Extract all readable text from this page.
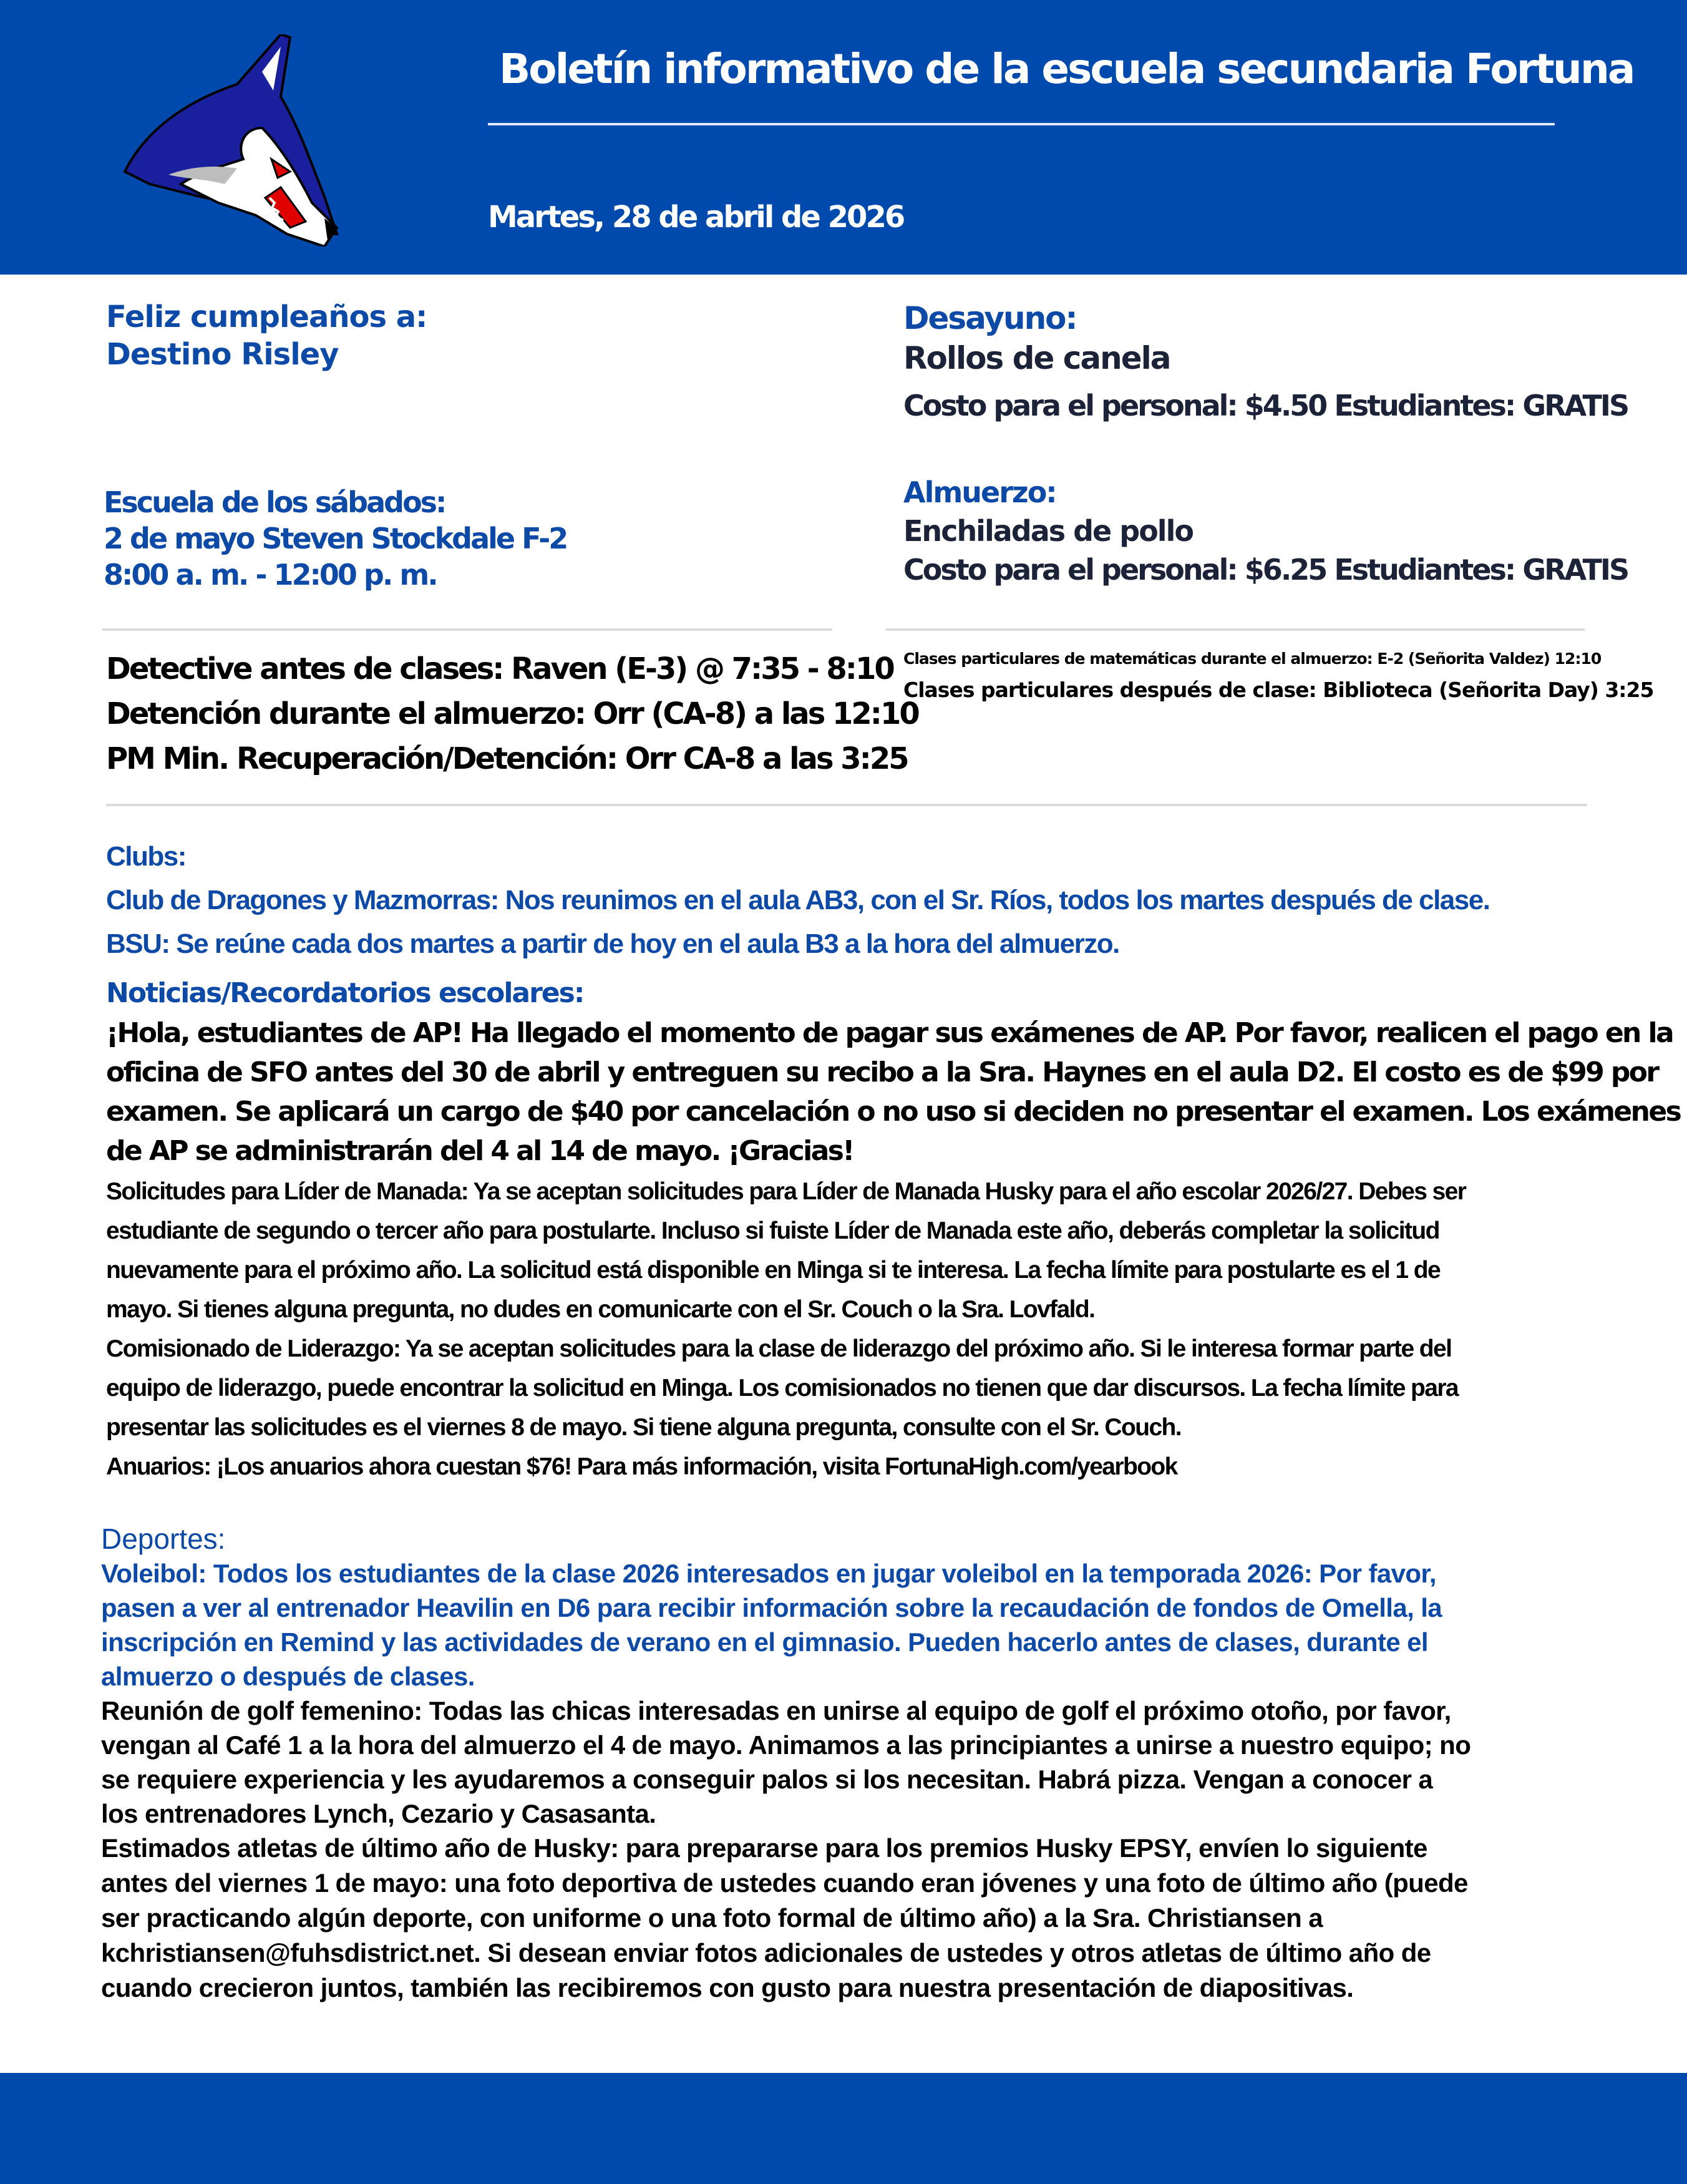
Boletín informativo de la escuela secundaria Fortuna
Martes, 28 de abril de 2026
Feliz cumpleaños a:
Destino Risley
Escuela de los sábados:
2 de mayo Steven Stockdale F-2
8:00 a. m. - 12:00 p. m.
Desayuno:
Rollos de canela
Costo para el personal: $4.50 Estudiantes: GRATIS
Almuerzo:
Enchiladas de pollo
Costo para el personal: $6.25 Estudiantes: GRATIS
Detective antes de clases: Raven (E-3) @ 7:35 - 8:10
Detención durante el almuerzo: Orr (CA-8) a las 12:10
PM Min. Recuperación/Detención: Orr CA-8 a las 3:25
Clases particulares de matemáticas durante el almuerzo: E-2 (Señorita Valdez) 12:10
Clases particulares después de clase: Biblioteca (Señorita Day) 3:25
Clubs:
Club de Dragones y Mazmorras: Nos reunimos en el aula AB3, con el Sr. Ríos, todos los martes después de clase.
BSU: Se reúne cada dos martes a partir de hoy en el aula B3 a la hora del almuerzo.
Noticias/Recordatorios escolares:
¡Hola, estudiantes de AP! Ha llegado el momento de pagar sus exámenes de AP. Por favor, realicen el pago en la
oficina de SFO antes del 30 de abril y entreguen su recibo a la Sra. Haynes en el aula D2. El costo es de $99 por
examen. Se aplicará un cargo de $40 por cancelación o no uso si deciden no presentar el examen. Los exámenes
de AP se administrarán del 4 al 14 de mayo. ¡Gracias!
Solicitudes para Líder de Manada: Ya se aceptan solicitudes para Líder de Manada Husky para el año escolar 2026/27. Debes ser
estudiante de segundo o tercer año para postularte. Incluso si fuiste Líder de Manada este año, deberás completar la solicitud
nuevamente para el próximo año. La solicitud está disponible en Minga si te interesa. La fecha límite para postularte es el 1 de
mayo. Si tienes alguna pregunta, no dudes en comunicarte con el Sr. Couch o la Sra. Lovfald.
Comisionado de Liderazgo: Ya se aceptan solicitudes para la clase de liderazgo del próximo año. Si le interesa formar parte del
equipo de liderazgo, puede encontrar la solicitud en Minga. Los comisionados no tienen que dar discursos. La fecha límite para
presentar las solicitudes es el viernes 8 de mayo. Si tiene alguna pregunta, consulte con el Sr. Couch.
Anuarios: ¡Los anuarios ahora cuestan $76! Para más información, visita FortunaHigh.com/yearbook
Deportes:
Voleibol: Todos los estudiantes de la clase 2026 interesados en jugar voleibol en la temporada 2026: Por favor,
pasen a ver al entrenador Heavilin en D6 para recibir información sobre la recaudación de fondos de Omella, la
inscripción en Remind y las actividades de verano en el gimnasio. Pueden hacerlo antes de clases, durante el
almuerzo o después de clases.
Reunión de golf femenino: Todas las chicas interesadas en unirse al equipo de golf el próximo otoño, por favor,
vengan al Café 1 a la hora del almuerzo el 4 de mayo. Animamos a las principiantes a unirse a nuestro equipo; no
se requiere experiencia y les ayudaremos a conseguir palos si los necesitan. Habrá pizza. Vengan a conocer a
los entrenadores Lynch, Cezario y Casasanta.
Estimados atletas de último año de Husky: para prepararse para los premios Husky EPSY, envíen lo siguiente
antes del viernes 1 de mayo: una foto deportiva de ustedes cuando eran jóvenes y una foto de último año (puede
ser practicando algún deporte, con uniforme o una foto formal de último año) a la Sra. Christiansen a
kchristiansen@fuhsdistrict.net. Si desean enviar fotos adicionales de ustedes y otros atletas de último año de
cuando crecieron juntos, también las recibiremos con gusto para nuestra presentación de diapositivas.
